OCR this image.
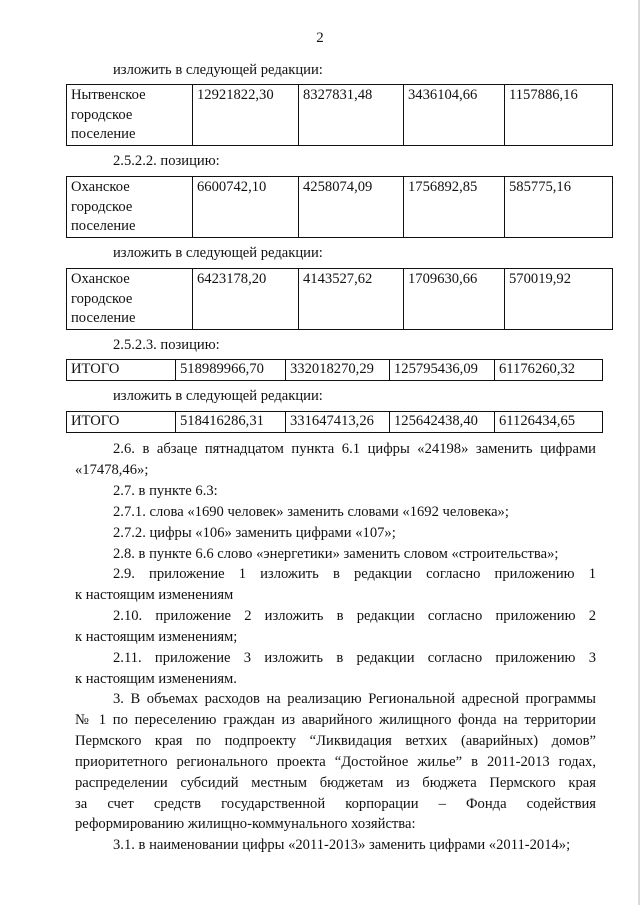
2
изложить в следующей редакции:
Нытвенское городское поселение	12921822,30	8327831,48	3436104,66	1157886,16
2.5.2.2. позицию:
Оханское городское поселение	6600742,10	4258074,09	1756892,85	585775,16
изложить в следующей редакции:
Оханское городское поселение	6423178,20	4143527,62	1709630,66	570019,92
2.5.2.3. позицию:
ИТОГО	518989966,70	332018270,29	125795436,09	61176260,32
изложить в следующей редакции:
ИТОГО	518416286,31	331647413,26	125642438,40	61126434,65
2.6. в абзаце пятнадцатом пункта 6.1 цифры «24198» заменить цифрами
«17478,46»;
2.7. в пункте 6.3:
2.7.1. слова «1690 человек» заменить словами «1692 человека»;
2.7.2. цифры «106» заменить цифрами «107»;
2.8. в пункте 6.6 слово «энергетики» заменить словом «строительства»;
2.9. приложение 1 изложить в редакции согласно приложению 1
к настоящим изменениям
2.10. приложение 2 изложить в редакции согласно приложению 2
к настоящим изменениям;
2.11. приложение 3 изложить в редакции согласно приложению 3
к настоящим изменениям.
3. В объемах расходов на реализацию Региональной адресной программы
№ 1 по переселению граждан из аварийного жилищного фонда на территории
Пермского края по подпроекту “Ликвидация ветхих (аварийных) домов”
приоритетного регионального проекта “Достойное жилье” в 2011-2013 годах,
распределении субсидий местным бюджетам из бюджета Пермского края
за счет средств государственной корпорации – Фонда содействия
реформированию жилищно-коммунального хозяйства:
3.1. в наименовании цифры «2011-2013» заменить цифрами «2011-2014»;
